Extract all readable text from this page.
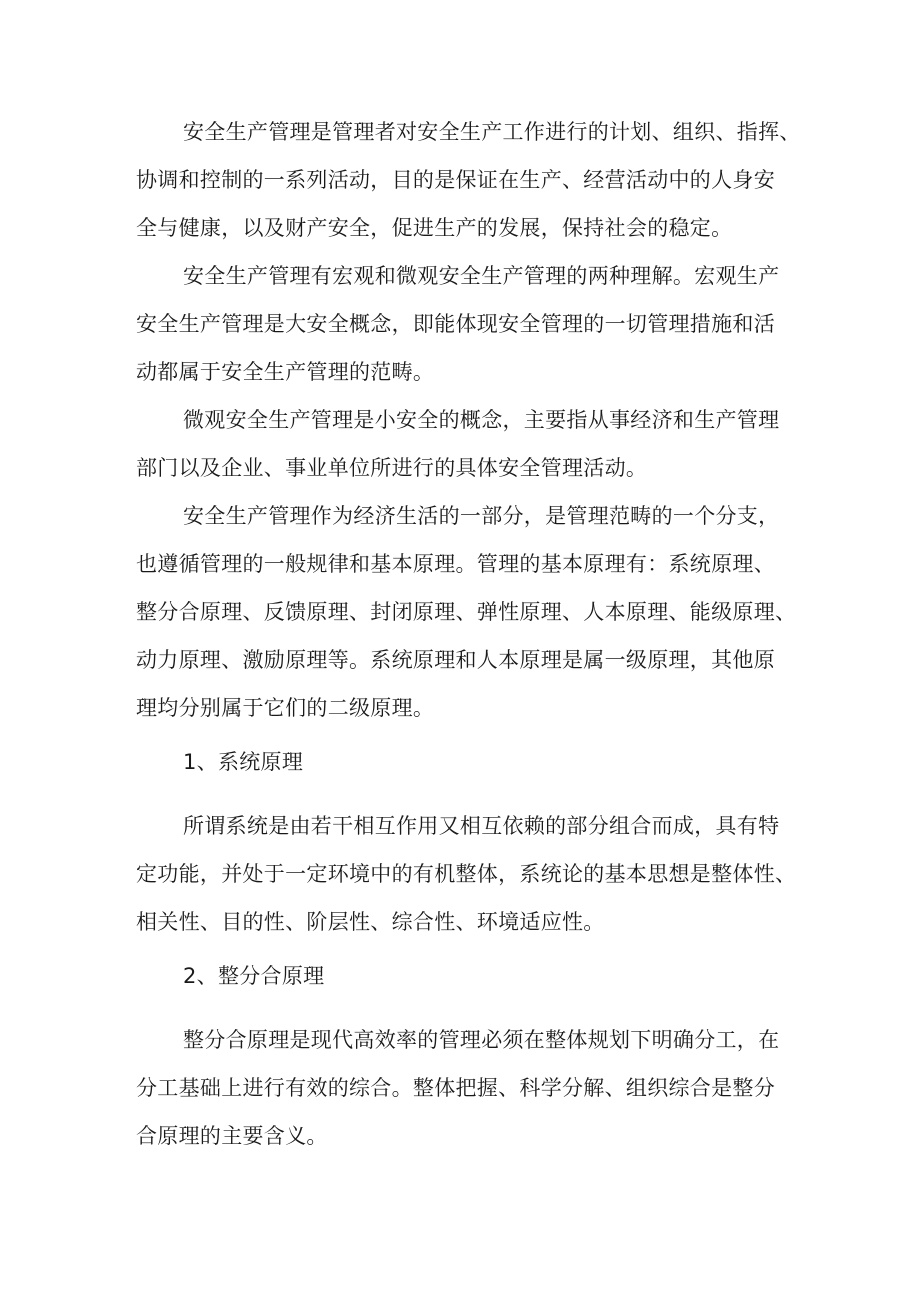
安全生产管理是管理者对安全生产工作进行的计划、组织、指挥、

协调和控制的一系列活动，目的是保证在生产、经营活动中的人身安

全与健康，以及财产安全，促进生产的发展，保持社会的稳定。

安全生产管理有宏观和微观安全生产管理的两种理解。宏观生产

安全生产管理是大安全概念，即能体现安全管理的一切管理措施和活

动都属于安全生产管理的范畴。

微观安全生产管理是小安全的概念，主要指从事经济和生产管理

部门以及企业、事业单位所进行的具体安全管理活动。

安全生产管理作为经济生活的一部分，是管理范畴的一个分支，

也遵循管理的一般规律和基本原理。管理的基本原理有：系统原理、

整分合原理、反馈原理、封闭原理、弹性原理、人本原理、能级原理、

动力原理、激励原理等。系统原理和人本原理是属一级原理，其他原

理均分别属于它们的二级原理。

1、系统原理

所谓系统是由若干相互作用又相互依赖的部分组合而成，具有特

定功能，并处于一定环境中的有机整体，系统论的基本思想是整体性、

相关性、目的性、阶层性、综合性、环境适应性。

2、整分合原理

整分合原理是现代高效率的管理必须在整体规划下明确分工，在

分工基础上进行有效的综合。整体把握、科学分解、组织综合是整分

合原理的主要含义。
